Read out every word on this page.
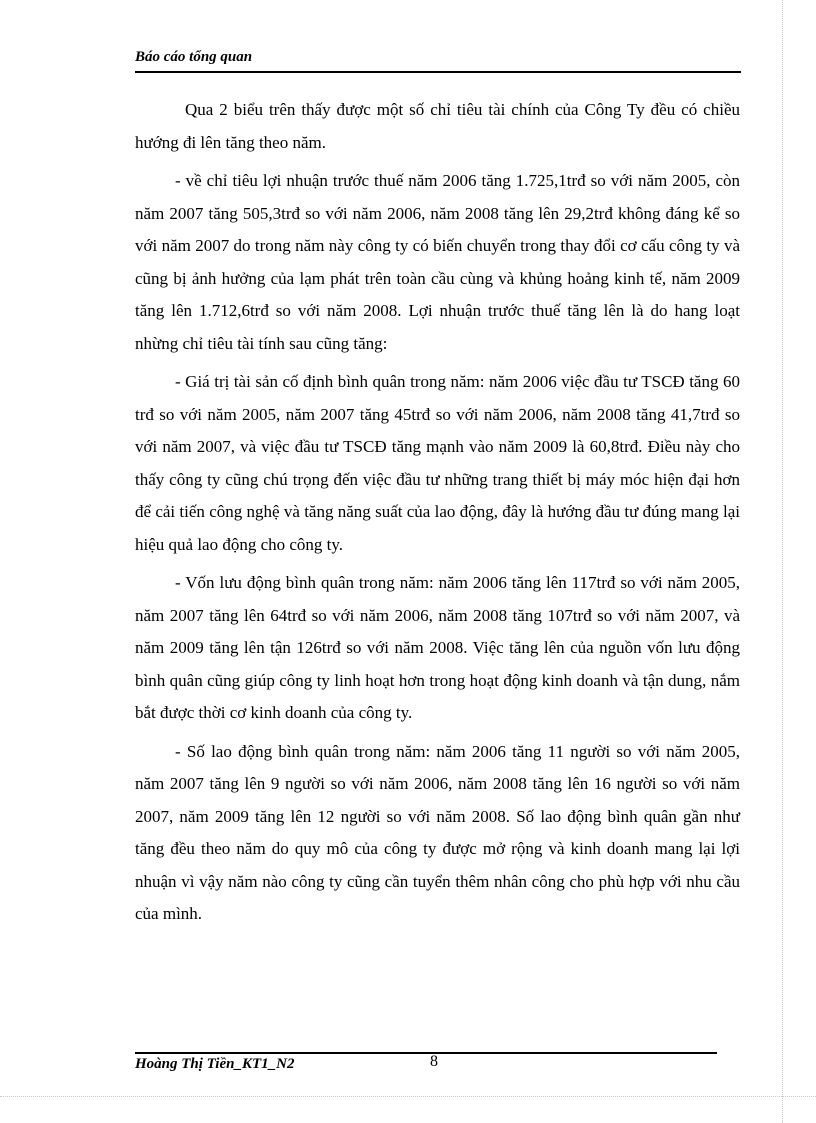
Báo cáo tổng quan

Qua 2 biểu trên thấy được một số chỉ tiêu tài chính của Công Ty đều có chiều hướng đi lên tăng theo năm.

- về chỉ tiêu lợi nhuận trước thuế năm 2006 tăng 1.725,1trđ so với năm 2005, còn năm 2007 tăng 505,3trđ so với năm 2006, năm 2008 tăng lên 29,2trđ không đáng kể so với năm 2007 do trong năm này công ty có biến chuyển trong thay đổi cơ cấu công ty và cũng bị ảnh hưởng của lạm phát trên toàn cầu cùng và khủng hoảng kinh tế, năm 2009 tăng lên 1.712,6trđ so với năm 2008. Lợi nhuận trước thuế tăng lên là do hang loạt nhừng chỉ tiêu tài tính sau cũng tăng:

- Giá trị tài sản cố định bình quân trong năm: năm 2006 việc đầu tư TSCĐ tăng 60 trđ so với năm 2005, năm 2007 tăng 45trđ so với năm 2006, năm 2008 tăng 41,7trđ so với năm 2007, và việc đầu tư TSCĐ tăng mạnh vào năm 2009 là 60,8trđ. Điều này cho thấy công ty cũng chú trọng đến việc đầu tư những trang thiết bị máy móc hiện đại hơn để cải tiến công nghệ và tăng năng suất của lao động, đây là hướng đầu tư đúng mang lại hiệu quả lao động cho công ty.

- Vốn lưu động bình quân trong năm: năm 2006 tăng lên 117trđ so với năm 2005, năm 2007 tăng lên 64trđ so với năm 2006, năm 2008 tăng 107trđ so với năm 2007, và năm 2009 tăng lên tận 126trđ so với năm 2008. Việc tăng lên của nguồn vốn lưu động bình quân cũng giúp công ty linh hoạt hơn trong hoạt động kinh doanh và tận dung, nắm bắt được thời cơ kinh doanh của công ty.

- Số lao động bình quân trong năm: năm 2006 tăng 11 người so với năm 2005, năm 2007 tăng lên 9 người so với năm 2006, năm 2008 tăng lên 16 người so với năm 2007, năm 2009 tăng lên 12 người so với năm 2008. Số lao động bình quân gần như tăng đều theo năm do quy mô của công ty được mở rộng và kinh doanh mang lại lợi nhuận vì vậy năm nào công ty cũng cần tuyển thêm nhân công cho phù hợp với nhu cầu của mình.

Hoàng Thị Tiền_KT1_N2	8
